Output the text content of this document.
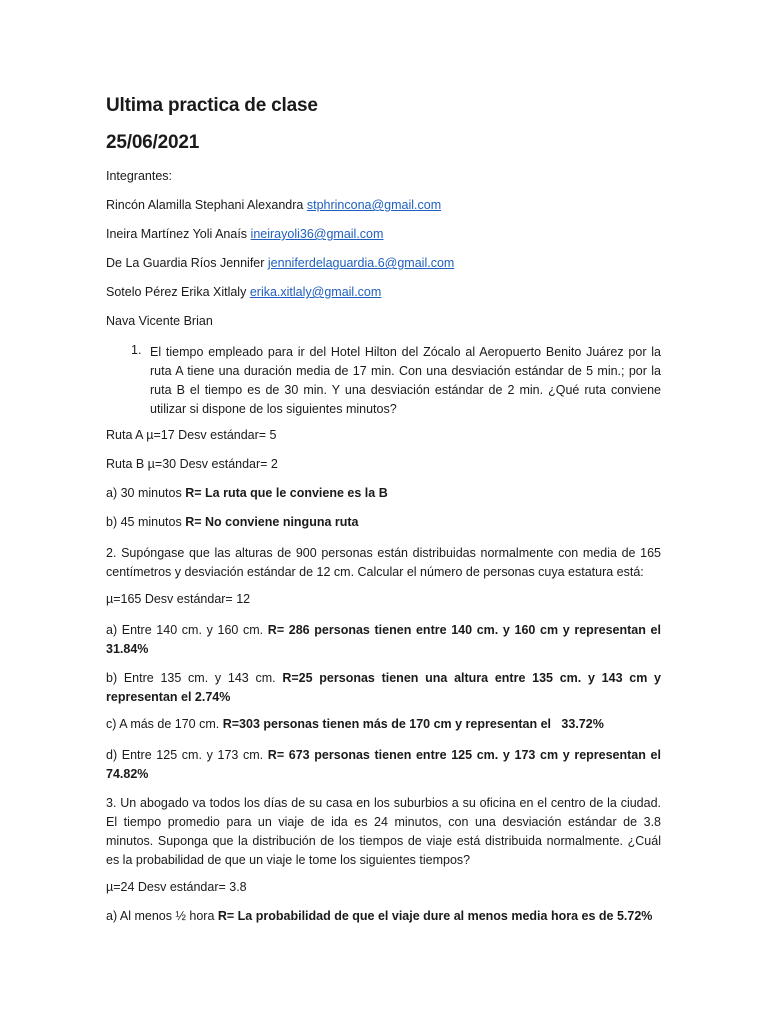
Ultima practica de clase
25/06/2021
Integrantes:
Rincón Alamilla Stephani Alexandra stphrincona@gmail.com
Ineira Martínez Yoli Anaís ineirayoli36@gmail.com
De La Guardia Ríos Jennifer jenniferdelaguardia.6@gmail.com
Sotelo Pérez Erika Xitlaly erika.xitlaly@gmail.com
Nava Vicente Brian
1. El tiempo empleado para ir del Hotel Hilton del Zócalo al Aeropuerto Benito Juárez por la ruta A tiene una duración media de 17 min. Con una desviación estándar de 5 min.; por la ruta B el tiempo es de 30 min. Y una desviación estándar de 2 min. ¿Qué ruta conviene utilizar si dispone de los siguientes minutos?
Ruta A µ=17 Desv estándar= 5
Ruta B µ=30 Desv estándar= 2
a) 30 minutos R= La ruta que le conviene es la B
b) 45 minutos R= No conviene ninguna ruta
2. Supóngase que las alturas de 900 personas están distribuidas normalmente con media de 165 centímetros y desviación estándar de 12 cm. Calcular el número de personas cuya estatura está:
µ=165 Desv estándar= 12
a) Entre 140 cm. y 160 cm. R= 286 personas tienen entre 140 cm. y 160 cm y representan el 31.84%
b) Entre 135 cm. y 143 cm. R=25 personas tienen una altura entre 135 cm. y 143 cm y representan el 2.74%
c) A más de 170 cm. R=303 personas tienen más de 170 cm y representan el   33.72%
d) Entre 125 cm. y 173 cm. R= 673 personas tienen entre 125 cm. y 173 cm y representan el 74.82%
3. Un abogado va todos los días de su casa en los suburbios a su oficina en el centro de la ciudad. El tiempo promedio para un viaje de ida es 24 minutos, con una desviación estándar de 3.8 minutos. Suponga que la distribución de los tiempos de viaje está distribuida normalmente. ¿Cuál es la probabilidad de que un viaje le tome los siguientes tiempos?
µ=24 Desv estándar= 3.8
a) Al menos ½ hora R= La probabilidad de que el viaje dure al menos media hora es de 5.72%
